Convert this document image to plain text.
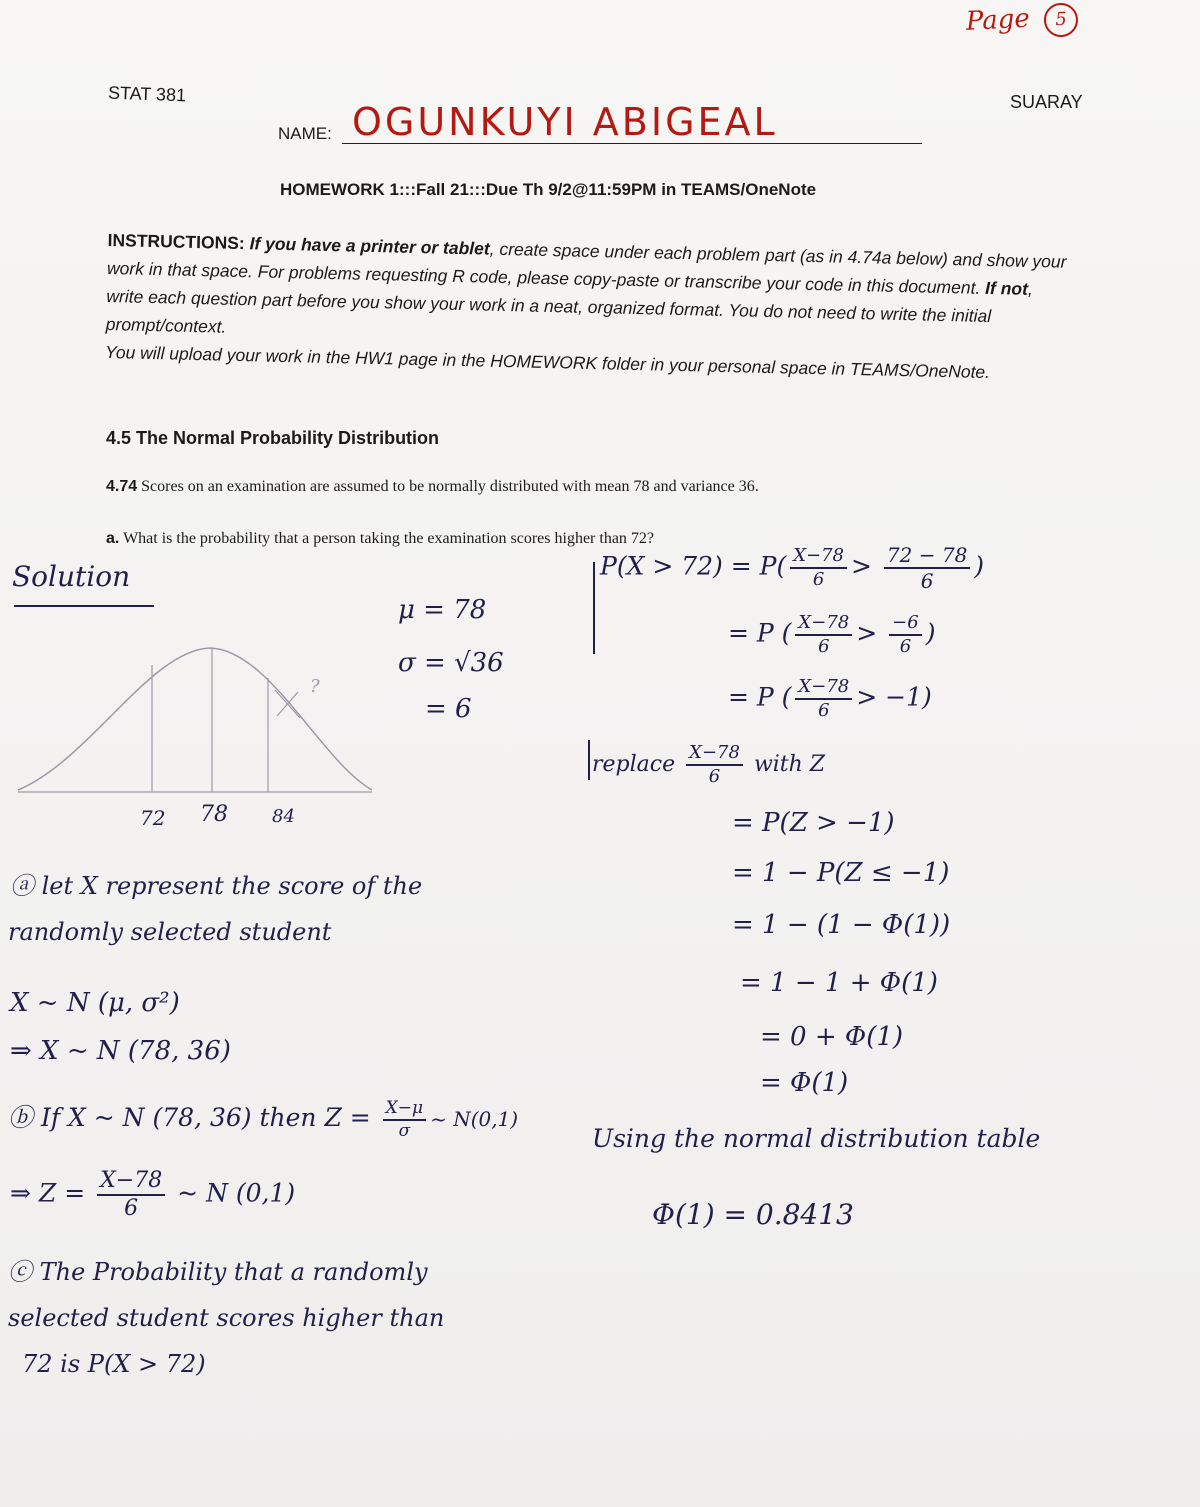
Page 5
STAT 381	SUARAY
NAME: OGUNKUYI ABIGEAL
HOMEWORK 1:::Fall 21:::Due Th 9/2@11:59PM in TEAMS/OneNote
INSTRUCTIONS: If you have a printer or tablet, create space under each problem part (as in 4.74a below) and show your work in that space. For problems requesting R code, please copy-paste or transcribe your code in this document. If not, write each question part before you show your work in a neat, organized format. You do not need to write the initial prompt/context.
You will upload your work in the HW1 page in the HOMEWORK folder in your personal space in TEAMS/OneNote.
4.5 The Normal Probability Distribution
4.74 Scores on an examination are assumed to be normally distributed with mean 78 and variance 36.
a. What is the probability that a person taking the examination scores higher than 72?
Solution
μ = 78
σ = √36
= 6
?
72 78 84
ⓐ let X represent the score of the
randomly selected student
X ~ N (μ, σ²)
⇒ X ~ N (78, 36)
ⓑ If X ~ N (78, 36) then $Z = \frac{X-\mu}{\sigma}$ ~ N(0,1)
⇒ $Z = \frac{X-78}{6}$ ~ N (0,1)
ⓒ The Probability that a randomly
selected student scores higher than
72 is P(X > 72)
$P(X > 72) = P( \frac{X-78}{6} > \frac{72 - 78}{6}$ )
= P ( $\frac{X-78}{6} > \frac{-6}{6}$ )
= P ( $\frac{X-78}{6} > -1$)
replace $\frac{X-78}{6}$ with Z
= P(Z > −1)
= 1 − P(Z ≤ −1)
= 1 − (1 − Φ(1))
= 1 − 1 + Φ(1)
= 0 + Φ(1)
= Φ(1)
Using the normal distribution table
Φ(1) = 0.8413
